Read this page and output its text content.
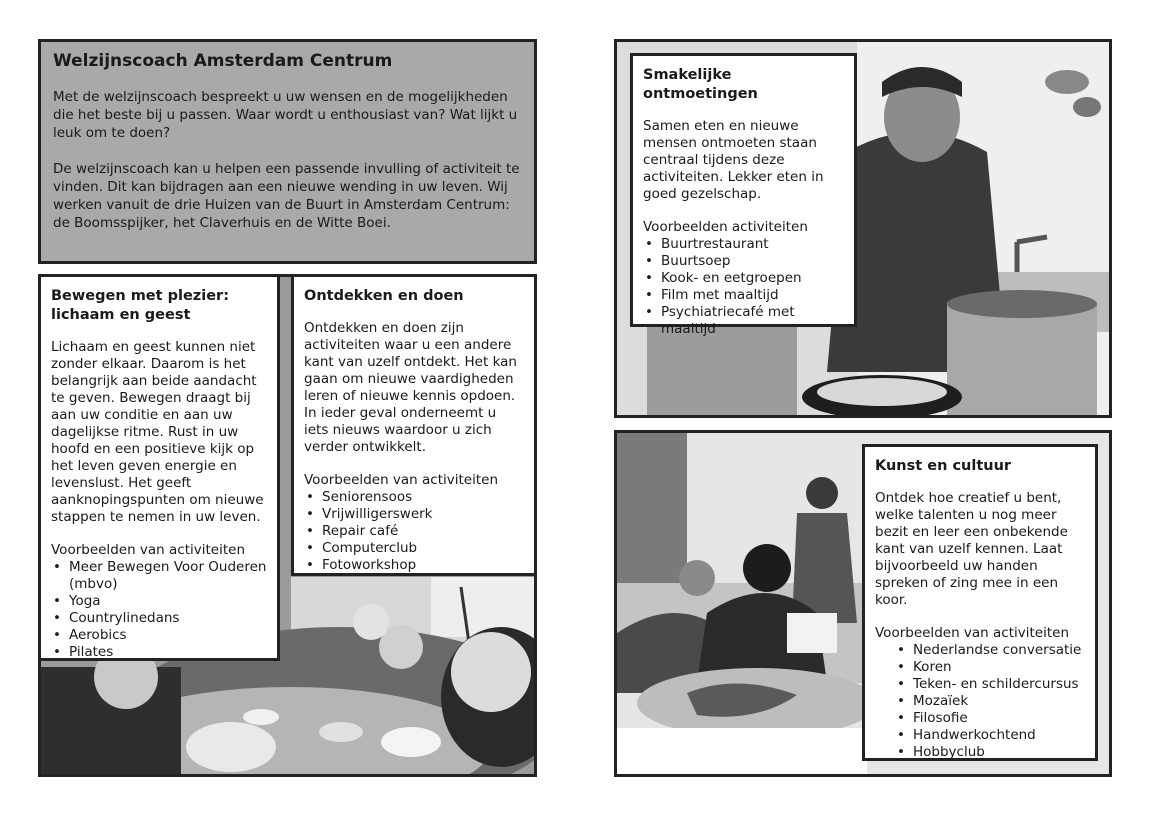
Welzijnscoach Amsterdam Centrum

Met de welzijnscoach bespreekt u uw wensen en de mogelijkheden die het beste bij u passen. Waar wordt u enthousiast van? Wat lijkt u leuk om te doen?

De welzijnscoach kan u helpen een passende invulling of activiteit te vinden. Dit kan bijdragen aan een nieuwe wending in uw leven. Wij werken vanuit de drie Huizen van de Buurt in Amsterdam Centrum: de Boomsspijker, het Claverhuis en de Witte Boei.

Bewegen met plezier: lichaam en geest

Lichaam en geest kunnen niet zonder elkaar. Daarom is het belangrijk aan beide aandacht te geven. Bewegen draagt bij aan uw conditie en aan uw dagelijkse ritme. Rust in uw hoofd en een positieve kijk op het leven geven energie en levenslust. Het geeft aanknopingspunten om nieuwe stappen te nemen in uw leven.

Voorbeelden van activiteiten
• Meer Bewegen Voor Ouderen (mbvo)
• Yoga
• Countrylinedans
• Aerobics
• Pilates
Ontdekken en doen

Ontdekken en doen zijn activiteiten waar u een andere kant van uzelf ontdekt. Het kan gaan om nieuwe vaardigheden leren of nieuwe kennis opdoen. In ieder geval onderneemt u iets nieuws waardoor u zich verder ontwikkelt.

Voorbeelden van activiteiten
• Seniorensoos
• Vrijwilligerswerk
• Repair café
• Computerclub
• Fotoworkshop
Smakelijke ontmoetingen

Samen eten en nieuwe mensen ontmoeten staan centraal tijdens deze activiteiten. Lekker eten in goed gezelschap.

Voorbeelden activiteiten
• Buurtrestaurant
• Buurtsoep
• Kook- en eetgroepen
• Film met maaltijd
• Psychiatriecafé met maaltijd
Kunst en cultuur

Ontdek hoe creatief u bent, welke talenten u nog meer bezit en leer een onbekende kant van uzelf kennen. Laat bijvoorbeeld uw handen spreken of zing mee in een koor.

Voorbeelden van activiteiten
• Nederlandse conversatie
• Koren
• Teken- en schildercursus
• Mozaïek
• Filosofie
• Handwerkochtend
• Hobbyclub
